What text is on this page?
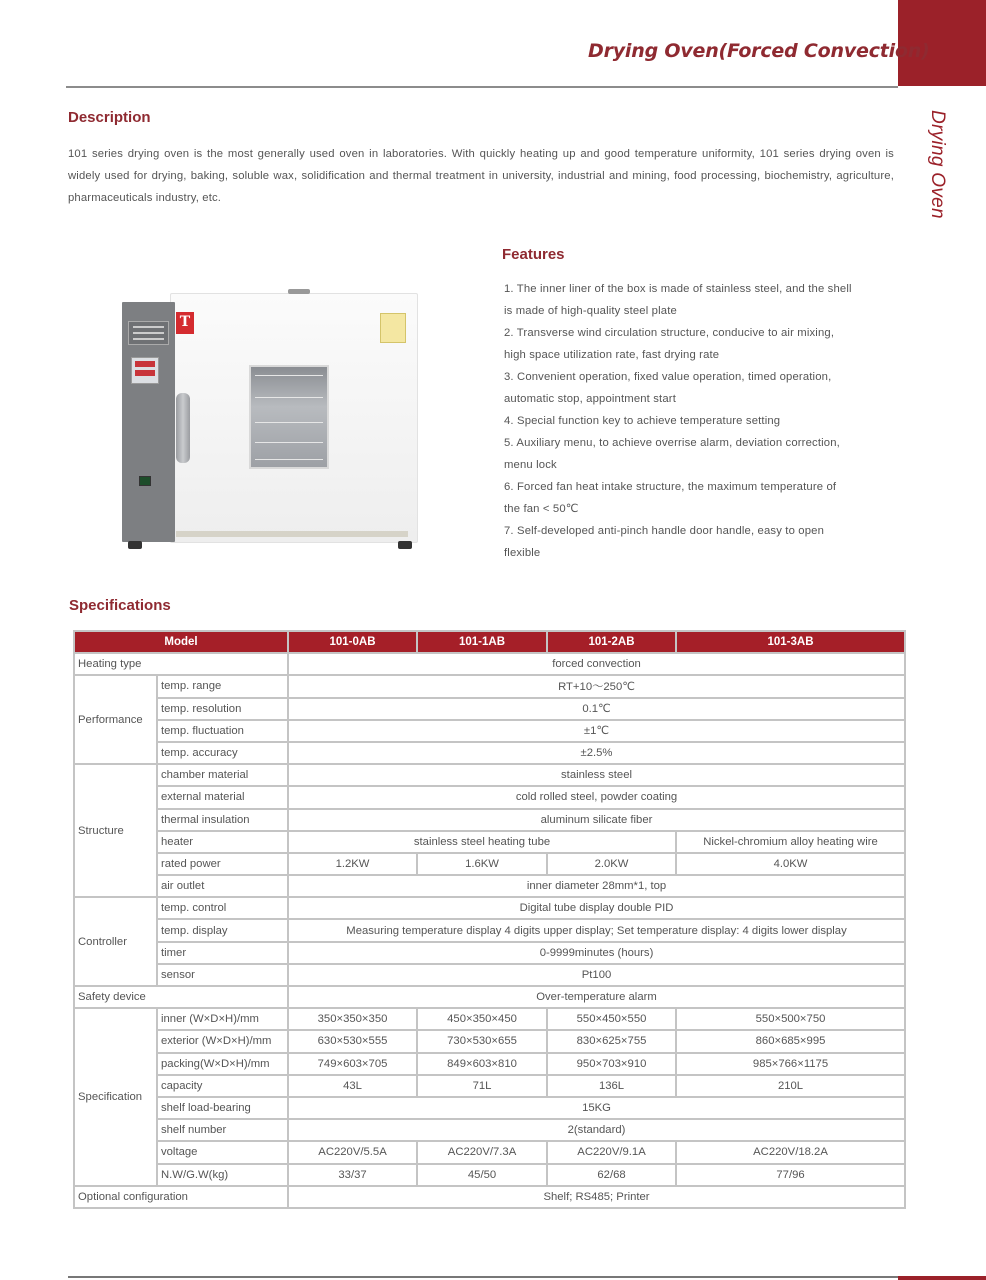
Drying Oven(Forced Convection)
Drying Oven
Description

101 series drying oven is the most generally used oven in laboratories. With quickly heating up and good temperature uniformity, 101 series drying oven is widely used for drying, baking, soluble wax, solidification and thermal treatment in university, industrial and mining, food processing, biochemistry, agriculture, pharmaceuticals industry, etc.

T
Features
1. The inner liner of the box is made of stainless steel, and the shell is made of high-quality steel plate
2. Transverse wind circulation structure, conducive to air mixing, high space utilization rate, fast drying rate
3. Convenient operation, fixed value operation, timed operation, automatic stop, appointment start
4. Special function key to achieve temperature setting
5. Auxiliary menu, to achieve overrise alarm, deviation correction, menu lock
6. Forced fan heat intake structure, the maximum temperature of the fan < 50℃
7. Self-developed anti-pinch handle door handle, easy to open flexible
Specifications
Model		101-0AB	101-1AB	101-2AB	101-3AB
Heating type		forced convection			
Performance	temp. range	RT+10～250℃			
	temp. resolution	0.1℃			
	temp. fluctuation	±1℃			
	temp. accuracy	±2.5%			
Structure	chamber material	stainless steel			
	external material	cold rolled steel, powder coating			
	thermal insulation	aluminum silicate fiber			
	heater	stainless steel heating tube			Nickel-chromium alloy heating wire
	rated power	1.2KW	1.6KW	2.0KW	4.0KW
	air outlet	inner diameter 28mm*1, top			
Controller	temp. control	Digital tube display double PID			
	temp. display	Measuring temperature display 4 digits upper display; Set temperature display: 4 digits lower display			
	timer	0-9999minutes (hours)			
	sensor	Pt100			
Safety device		Over-temperature alarm			
Specification	inner (W×D×H)/mm	350×350×350	450×350×450	550×450×550	550×500×750
	exterior (W×D×H)/mm	630×530×555	730×530×655	830×625×755	860×685×995
	packing(W×D×H)/mm	749×603×705	849×603×810	950×703×910	985×766×1175
	capacity	43L	71L	136L	210L
	shelf load-bearing	15KG			
	shelf number	2(standard)			
	voltage	AC220V/5.5A	AC220V/7.3A	AC220V/9.1A	AC220V/18.2A
	N.W/G.W(kg)	33/37	45/50	62/68	77/96
Optional configuration		Shelf; RS485; Printer			
